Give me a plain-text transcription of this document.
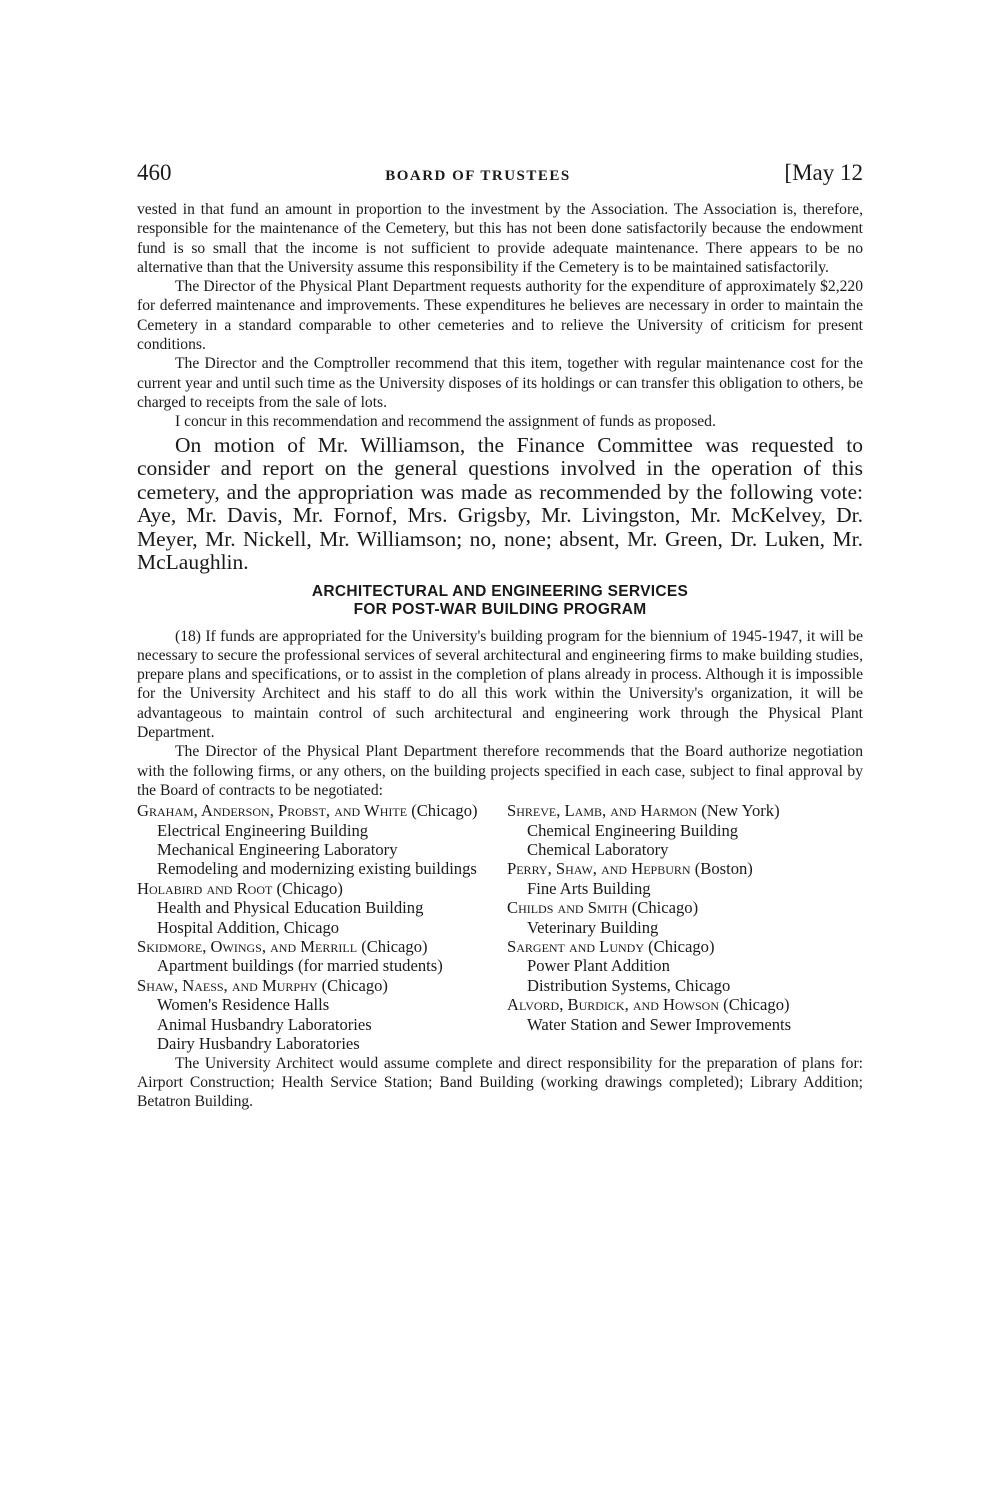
460	BOARD OF TRUSTEES	[May 12

vested in that fund an amount in proportion to the investment by the Association. The Association is, therefore, responsible for the maintenance of the Cemetery, but this has not been done satisfactorily because the endowment fund is so small that the income is not sufficient to provide adequate maintenance. There appears to be no alternative than that the University assume this responsibility if the Cemetery is to be maintained satisfactorily.

The Director of the Physical Plant Department requests authority for the expenditure of approximately $2,220 for deferred maintenance and improvements. These expenditures he believes are necessary in order to maintain the Cemetery in a standard comparable to other cemeteries and to relieve the University of criticism for present conditions.

The Director and the Comptroller recommend that this item, together with regular maintenance cost for the current year and until such time as the University disposes of its holdings or can transfer this obligation to others, be charged to receipts from the sale of lots.

I concur in this recommendation and recommend the assignment of funds as proposed.

On motion of Mr. Williamson, the Finance Committee was requested to consider and report on the general questions involved in the operation of this cemetery, and the appropriation was made as recommended by the following vote: Aye, Mr. Davis, Mr. Fornof, Mrs. Grigsby, Mr. Livingston, Mr. McKelvey, Dr. Meyer, Mr. Nickell, Mr. Williamson; no, none; absent, Mr. Green, Dr. Luken, Mr. McLaughlin.

ARCHITECTURAL AND ENGINEERING SERVICES
FOR POST-WAR BUILDING PROGRAM

(18) If funds are appropriated for the University's building program for the biennium of 1945-1947, it will be necessary to secure the professional services of several architectural and engineering firms to make building studies, prepare plans and specifications, or to assist in the completion of plans already in process. Although it is impossible for the University Architect and his staff to do all this work within the University's organization, it will be advantageous to maintain control of such architectural and engineering work through the Physical Plant Department.

The Director of the Physical Plant Department therefore recommends that the Board authorize negotiation with the following firms, or any others, on the building projects specified in each case, subject to final approval by the Board of contracts to be negotiated:

Graham, Anderson, Probst, and White (Chicago)
Electrical Engineering Building
Mechanical Engineering Laboratory
Remodeling and modernizing existing buildings
Holabird and Root (Chicago)
Health and Physical Education Building
Hospital Addition, Chicago
Skidmore, Owings, and Merrill (Chicago)
Apartment buildings (for married students)
Shaw, Naess, and Murphy (Chicago)
Women's Residence Halls
Animal Husbandry Laboratories
Dairy Husbandry Laboratories
Shreve, Lamb, and Harmon (New York)
Chemical Engineering Building
Chemical Laboratory
Perry, Shaw, and Hepburn (Boston)
Fine Arts Building
Childs and Smith (Chicago)
Veterinary Building
Sargent and Lundy (Chicago)
Power Plant Addition
Distribution Systems, Chicago
Alvord, Burdick, and Howson (Chicago)
Water Station and Sewer Improvements

The University Architect would assume complete and direct responsibility for the preparation of plans for: Airport Construction; Health Service Station; Band Building (working drawings completed); Library Addition; Betatron Building.
